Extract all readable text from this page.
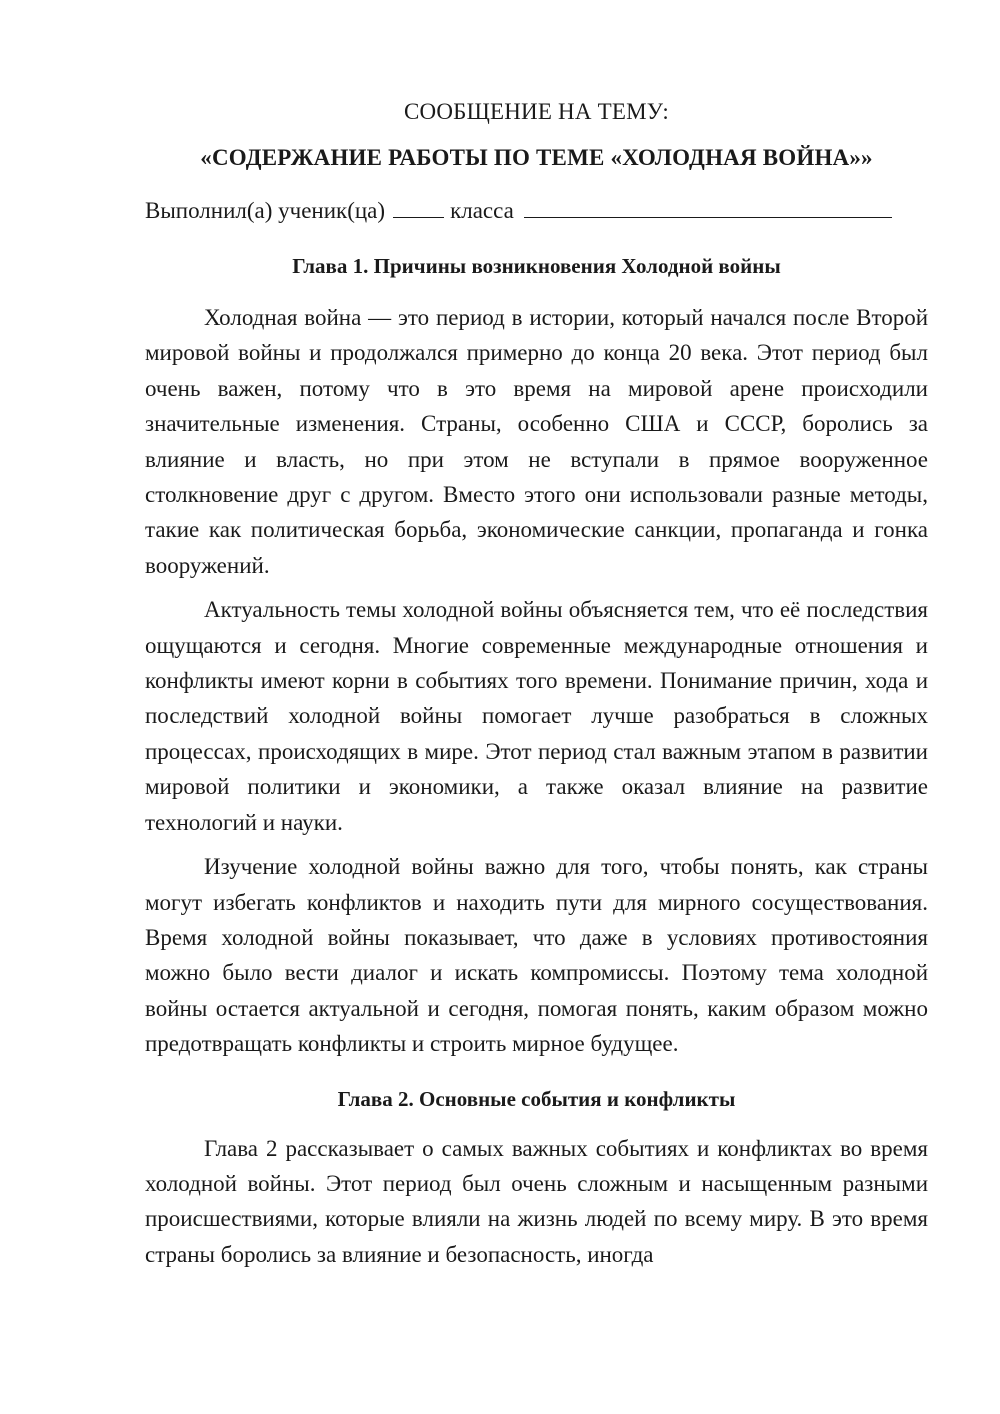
СООБЩЕНИЕ НА ТЕМУ:

«СОДЕРЖАНИЕ РАБОТЫ ПО ТЕМЕ «ХОЛОДНАЯ ВОЙНА»»

Выполнил(а) ученик(ца)	класса
Глава 1. Причины возникновения Холодной войны

Холодная война — это период в истории, который начался после Второй мировой войны и продолжался примерно до конца 20 века. Этот период был очень важен, потому что в это время на мировой арене происходили значительные изменения. Страны, особенно США и СССР, боролись за влияние и власть, но при этом не вступали в прямое вооруженное столкновение друг с другом. Вместо этого они использовали разные методы, такие как политическая борьба, экономические санкции, пропаганда и гонка вооружений.

Актуальность темы холодной войны объясняется тем, что её последствия ощущаются и сегодня. Многие современные международные отношения и конфликты имеют корни в событиях того времени. Понимание причин, хода и последствий холодной войны помогает лучше разобраться в сложных процессах, происходящих в мире. Этот период стал важным этапом в развитии мировой политики и экономики, а также оказал влияние на развитие технологий и науки.

Изучение холодной войны важно для того, чтобы понять, как страны могут избегать конфликтов и находить пути для мирного сосуществования. Время холодной войны показывает, что даже в условиях противостояния можно было вести диалог и искать компромиссы. Поэтому тема холодной войны остается актуальной и сегодня, помогая понять, каким образом можно предотвращать конфликты и строить мирное будущее.

Глава 2. Основные события и конфликты

Глава 2 рассказывает о самых важных событиях и конфликтах во время холодной войны. Этот период был очень сложным и насыщенным разными происшествиями, которые влияли на жизнь людей по всему миру. В это время страны боролись за влияние и безопасность, иногда
